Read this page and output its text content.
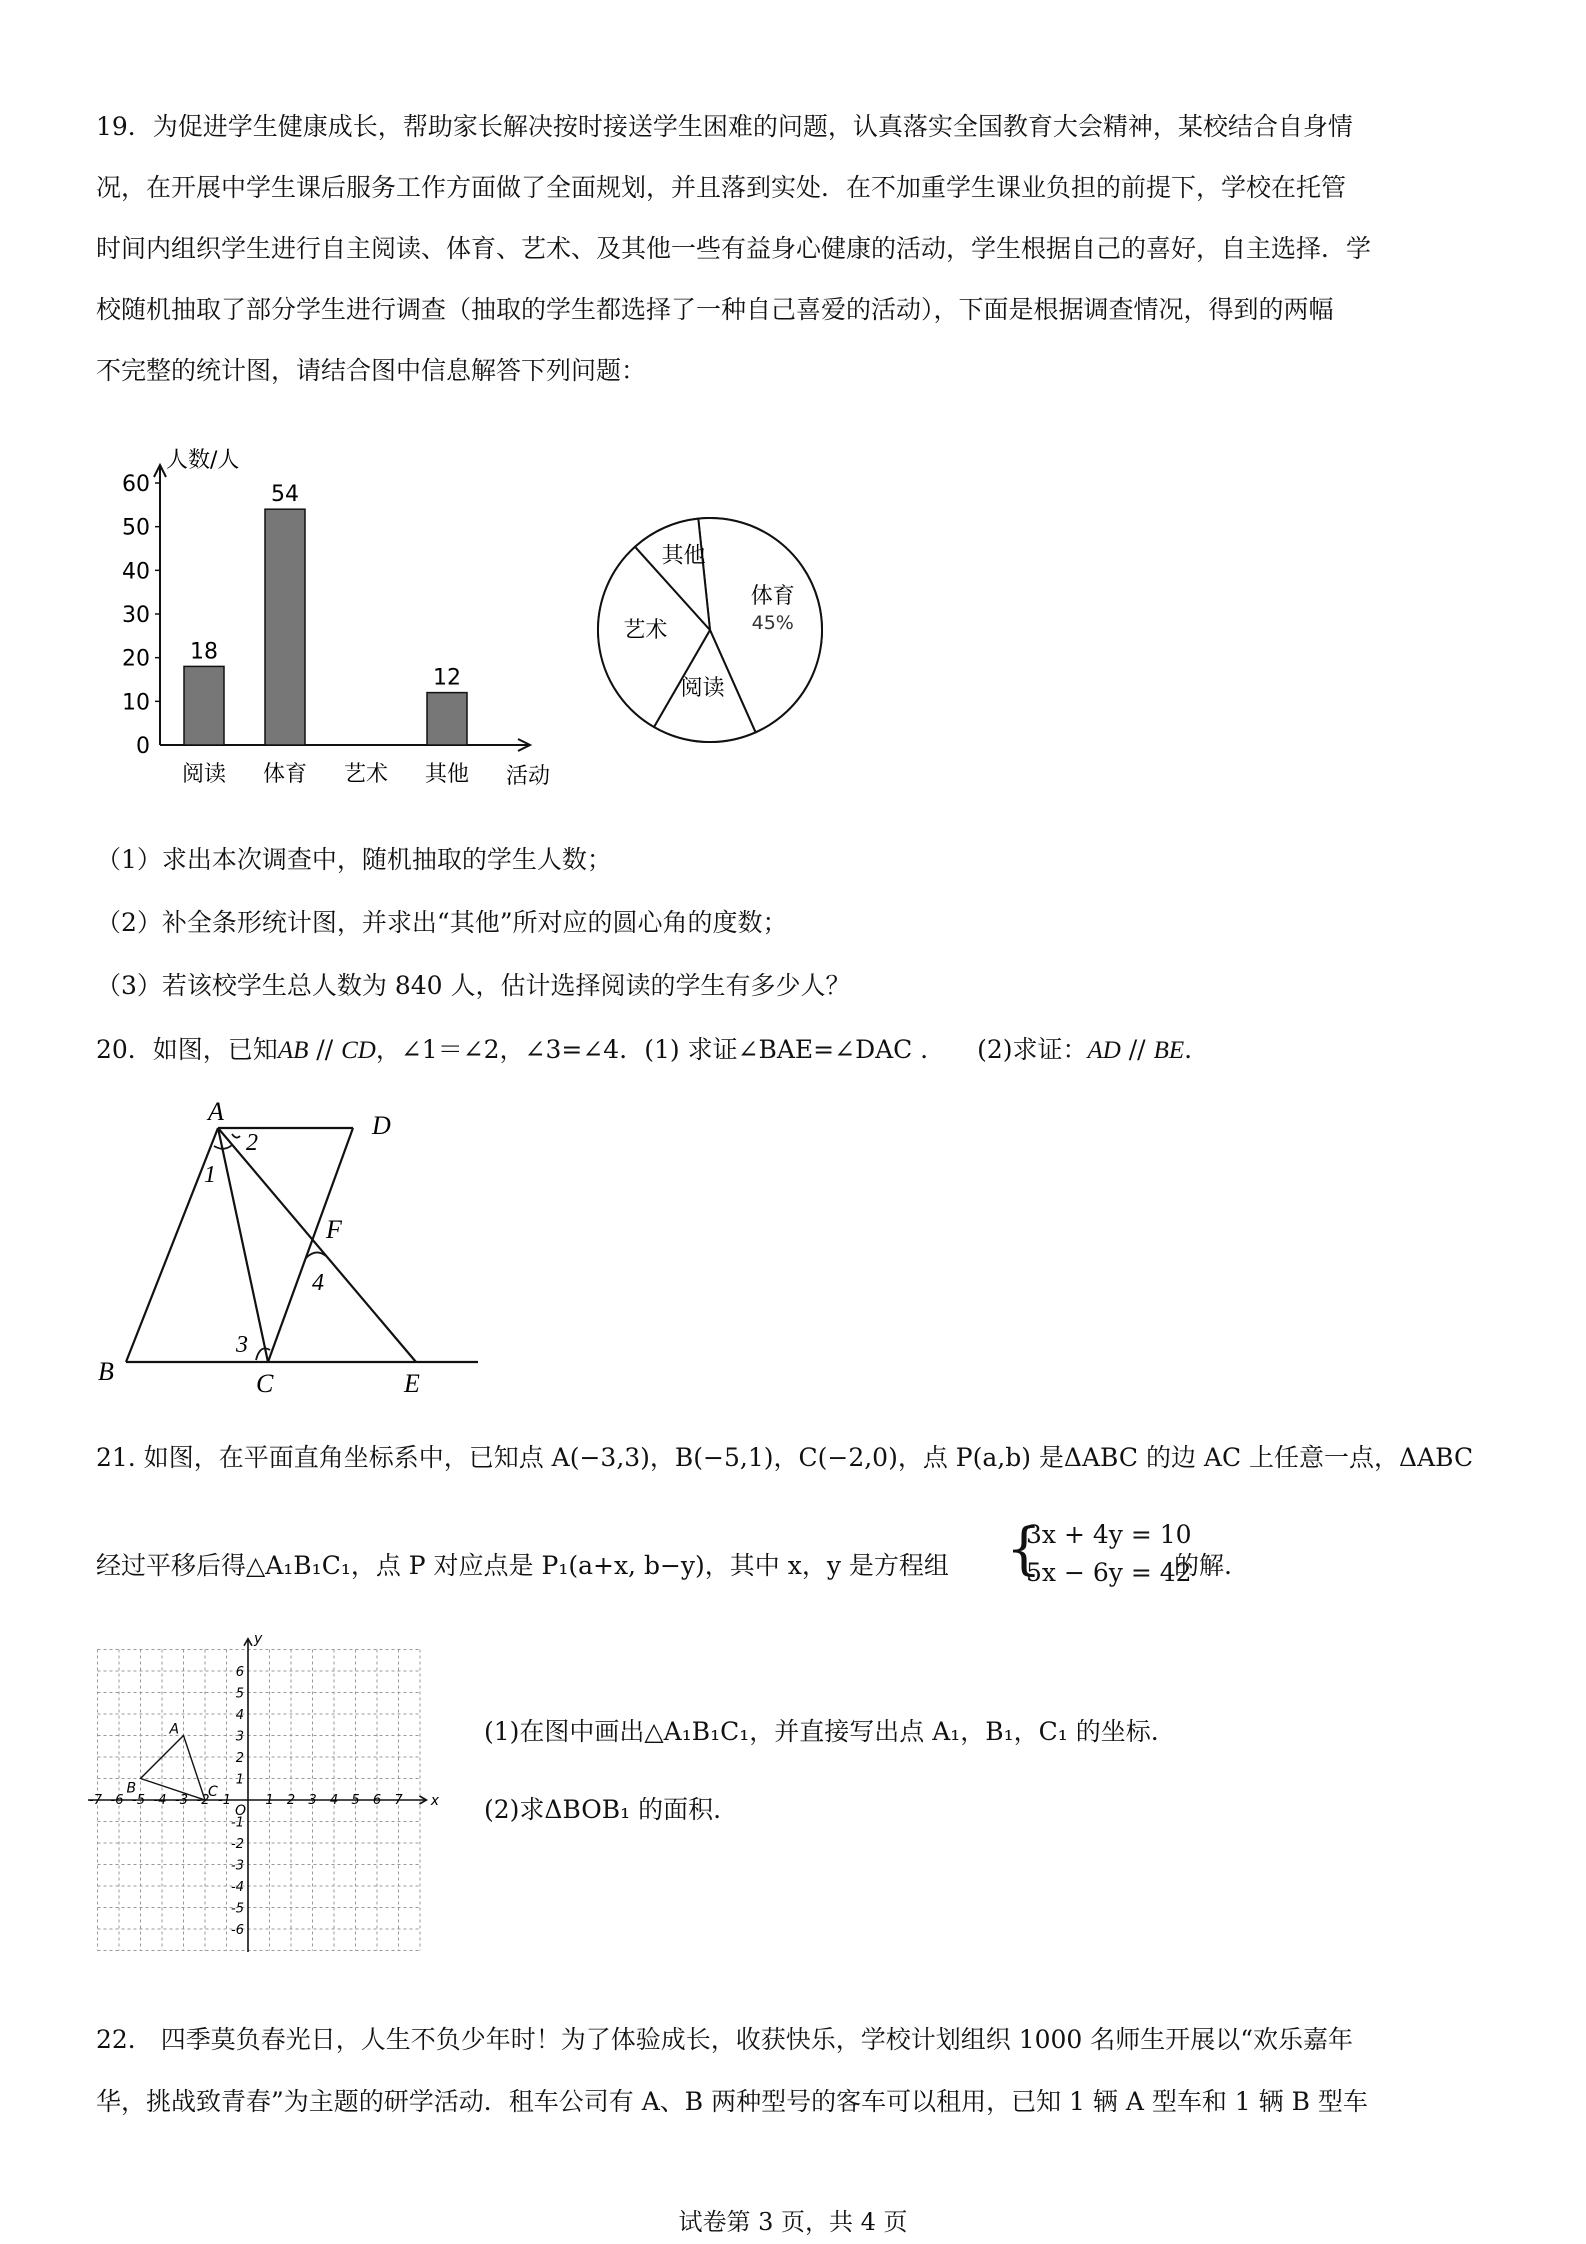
19．为促进学生健康成长，帮助家长解决按时接送学生困难的问题，认真落实全国教育大会精神，某校结合自身情
况，在开展中学生课后服务工作方面做了全面规划，并且落到实处．在不加重学生课业负担的前提下，学校在托管
时间内组织学生进行自主阅读、体育、艺术、及其他一些有益身心健康的活动，学生根据自己的喜好，自主选择．学
校随机抽取了部分学生进行调查（抽取的学生都选择了一种自己喜爱的活动），下面是根据调查情况，得到的两幅
不完整的统计图，请结合图中信息解答下列问题：
人数/人
活动
0
10
20
30
40
50
60
阅读
18
体育
54
艺术 其他
12
体育
45%
阅读
艺术
其他
（1）求出本次调查中，随机抽取的学生人数；
（2）补全条形统计图，并求出“其他”所对应的圆心角的度数；
（3）若该校学生总人数为 840 人，估计选择阅读的学生有多少人？
20．如图，已知AB // CD，∠1＝∠2，∠3=∠4．(1) 求证∠BAE=∠DAC ． (2)求证：AD // BE.
A	D
F
B	C	E
1
2
3
4
21. 如图，在平面直角坐标系中，已知点 A(−3,3)，B(−5,1)，C(−2,0)，点 P(a,b) 是ΔABC 的边 AC 上任意一点，ΔABC
经过平移后得△A₁B₁C₁，点 P 对应点是 P₁(a+x, b−y)，其中 x，y 是方程组 {
3x + 4y = 10
5x − 6y = 42
的解.
x
y
O
-7 -6 -5 -4 -3 -2 -1	1 2 3 4 5 6 7
6
5
4
3
2
1
-1
-2
-3
-4
-5
-6
A
B	C
(1)在图中画出△A₁B₁C₁，并直接写出点 A₁，B₁，C₁ 的坐标.
(2)求ΔBOB₁ 的面积.
22． 四季莫负春光日，人生不负少年时！为了体验成长，收获快乐，学校计划组织 1000 名师生开展以“欢乐嘉年
华，挑战致青春”为主题的研学活动．租车公司有 A、B 两种型号的客车可以租用，已知 1 辆 A 型车和 1 辆 B 型车
试卷第 3 页，共 4 页
